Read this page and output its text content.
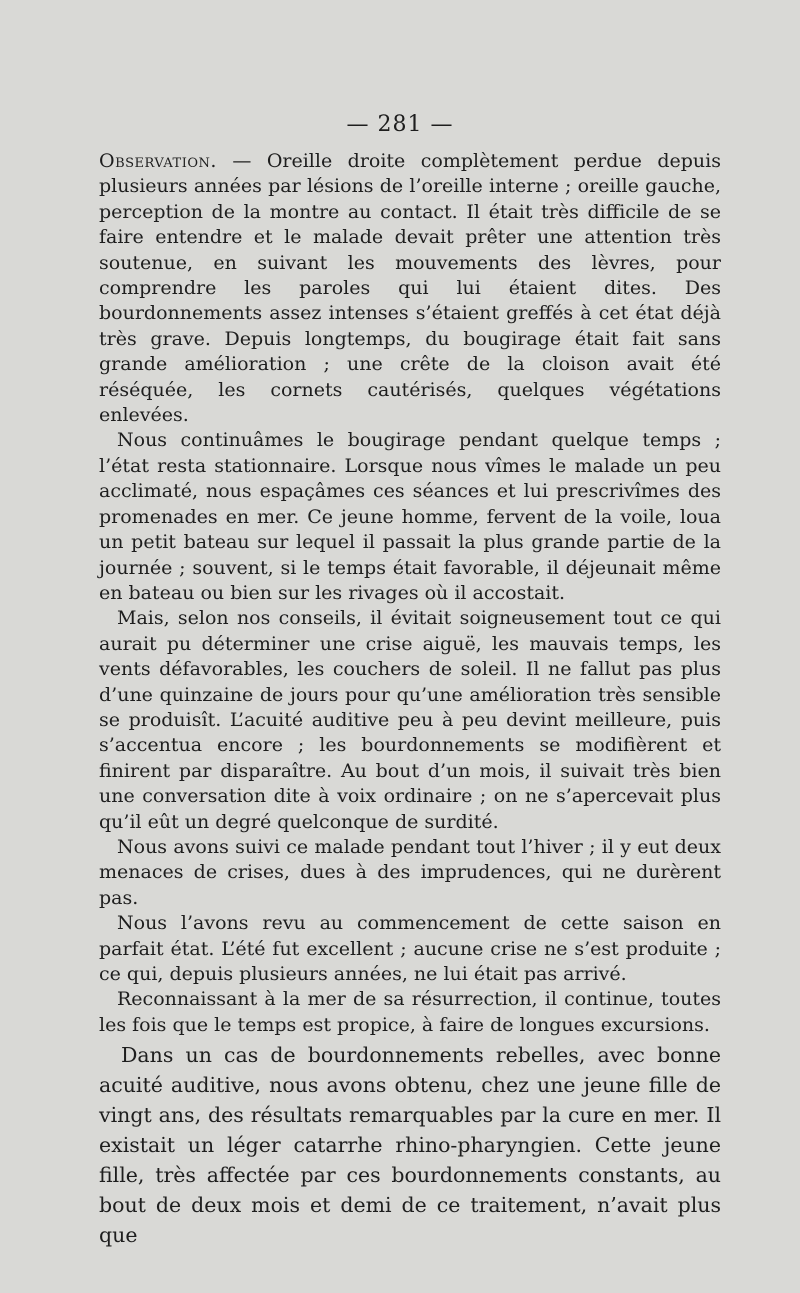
— 281 —

Observation. — Oreille droite complètement perdue depuis plusieurs années par lésions de l’oreille interne ; oreille gauche, perception de la montre au contact. Il était très difficile de se faire entendre et le malade devait prêter une attention très soutenue, en suivant les mouvements des lèvres, pour comprendre les paroles qui lui étaient dites. Des bourdonnements assez intenses s’étaient greffés à cet état déjà très grave. Depuis longtemps, du bougirage était fait sans grande amélioration ; une crête de la cloison avait été réséquée, les cornets cautérisés, quelques végétations enlevées.

Nous continuâmes le bougirage pendant quelque temps ; l’état resta stationnaire. Lorsque nous vîmes le malade un peu acclimaté, nous espaçâmes ces séances et lui prescrivîmes des promenades en mer. Ce jeune homme, fervent de la voile, loua un petit bateau sur lequel il passait la plus grande partie de la journée ; souvent, si le temps était favorable, il déjeunait même en bateau ou bien sur les rivages où il accostait.

Mais, selon nos conseils, il évitait soigneusement tout ce qui aurait pu déterminer une crise aiguë, les mauvais temps, les vents défavorables, les couchers de soleil. Il ne fallut pas plus d’une quinzaine de jours pour qu’une amélioration très sensible se produisît. L’acuité auditive peu à peu devint meilleure, puis s’accentua encore ; les bourdonnements se modifièrent et finirent par disparaître. Au bout d’un mois, il suivait très bien une conversation dite à voix ordinaire ; on ne s’apercevait plus qu’il eût un degré quelconque de surdité.

Nous avons suivi ce malade pendant tout l’hiver ; il y eut deux menaces de crises, dues à des imprudences, qui ne durèrent pas.

Nous l’avons revu au commencement de cette saison en parfait état. L’été fut excellent ; aucune crise ne s’est produite ; ce qui, depuis plusieurs années, ne lui était pas arrivé.

Reconnaissant à la mer de sa résurrection, il continue, toutes les fois que le temps est propice, à faire de longues excursions.

Dans un cas de bourdonnements rebelles, avec bonne acuité auditive, nous avons obtenu, chez une jeune fille de vingt ans, des résultats remarquables par la cure en mer. Il existait un léger catarrhe rhino-pharyngien. Cette jeune fille, très affectée par ces bourdonnements constants, au bout de deux mois et demi de ce traitement, n’avait plus que
